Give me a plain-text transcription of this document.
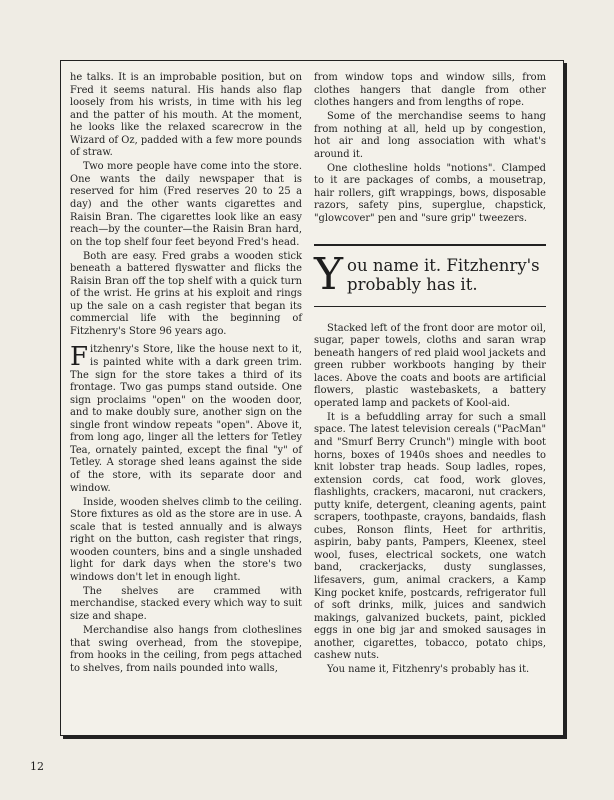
he talks. It is an improbable position, but on Fred it seems natural. His hands also flap loosely from his wrists, in time with his leg and the patter of his mouth. At the moment, he looks like the relaxed scarecrow in the Wizard of Oz, padded with a few more pounds of straw.

Two more people have come into the store. One wants the daily newspaper that is reserved for him (Fred reserves 20 to 25 a day) and the other wants cigarettes and Raisin Bran. The cigarettes look like an easy reach—by the counter—the Raisin Bran hard, on the top shelf four feet beyond Fred's head.

Both are easy. Fred grabs a wooden stick beneath a battered flyswatter and flicks the Raisin Bran off the top shelf with a quick turn of the wrist. He grins at his exploit and rings up the sale on a cash register that began its commercial life with the beginning of Fitzhenry's Store 96 years ago.

Fitzhenry's Store, like the house next to it, is painted white with a dark green trim. The sign for the store takes a third of its frontage. Two gas pumps stand outside. One sign proclaims "open" on the wooden door, and to make doubly sure, another sign on the single front window repeats "open". Above it, from long ago, linger all the letters for Tetley Tea, ornately painted, except the final "y" of Tetley. A storage shed leans against the side of the store, with its separate door and window.

Inside, wooden shelves climb to the ceiling. Store fixtures as old as the store are in use. A scale that is tested annually and is always right on the button, cash register that rings, wooden counters, bins and a single unshaded light for dark days when the store's two windows don't let in enough light.

The shelves are crammed with merchandise, stacked every which way to suit size and shape.

Merchandise also hangs from clotheslines that swing overhead, from the stovepipe, from hooks in the ceiling, from pegs attached to shelves, from nails pounded into walls,

from window tops and window sills, from clothes hangers that dangle from other clothes hangers and from lengths of rope.

Some of the merchandise seems to hang from nothing at all, held up by congestion, hot air and long association with what's around it.

One clothesline holds "notions". Clamped to it are packages of combs, a mousetrap, hair rollers, gift wrappings, bows, disposable razors, safety pins, superglue, chapstick, "glowcover" pen and "sure grip" tweezers.

You name it. Fitzhenry's probably has it.

Stacked left of the front door are motor oil, sugar, paper towels, cloths and saran wrap beneath hangers of red plaid wool jackets and green rubber workboots hanging by their laces. Above the coats and boots are artificial flowers, plastic wastebaskets, a battery operated lamp and packets of Kool-aid.

It is a befuddling array for such a small space. The latest television cereals ("PacMan" and "Smurf Berry Crunch") mingle with boot horns, boxes of 1940s shoes and needles to knit lobster trap heads. Soup ladles, ropes, extension cords, cat food, work gloves, flashlights, crackers, macaroni, nut crackers, putty knife, detergent, cleaning agents, paint scrapers, toothpaste, crayons, bandaids, flash cubes, Ronson flints, Heet for arthritis, aspirin, baby pants, Pampers, Kleenex, steel wool, fuses, electrical sockets, one watch band, crackerjacks, dusty sunglasses, lifesavers, gum, animal crackers, a Kamp King pocket knife, postcards, refrigerator full of soft drinks, milk, juices and sandwich makings, galvanized buckets, paint, pickled eggs in one big jar and smoked sausages in another, cigarettes, tobacco, potato chips, cashew nuts.

You name it, Fitzhenry's probably has it.

12
